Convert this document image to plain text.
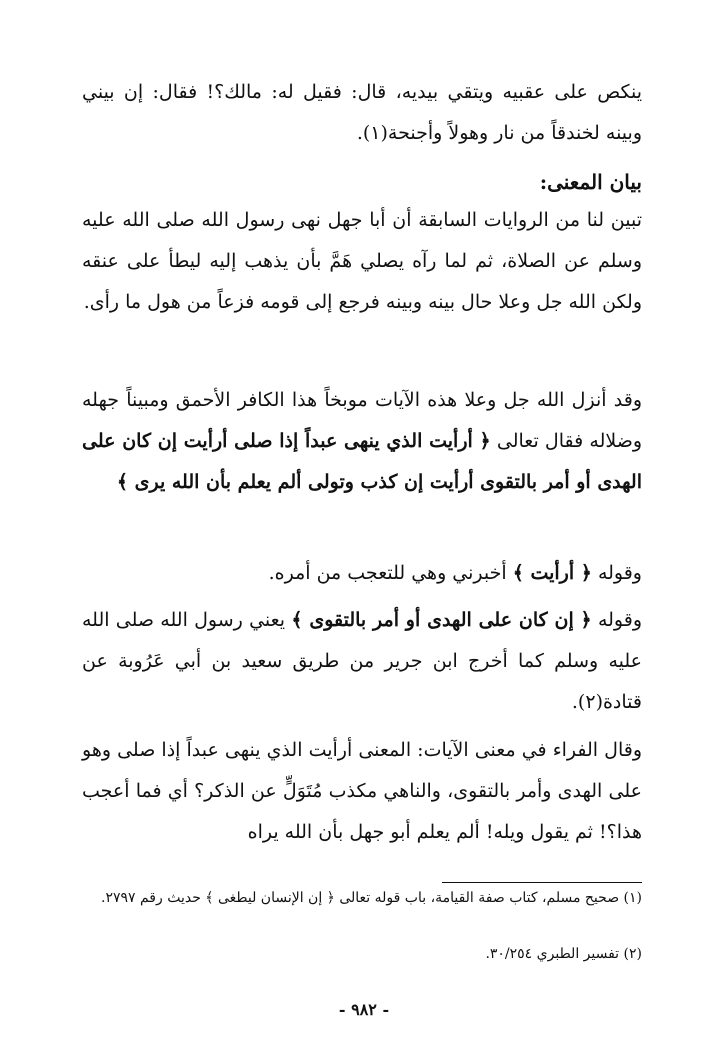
ينكص على عقبيه ويتقي بيديه، قال: فقيل له: مالك؟! فقال: إن بيني وبينه لخندقاً من نار وهولاً وأجنحة(١).

بيان المعنى:

تبين لنا من الروايات السابقة أن أبا جهل نهى رسول الله صلى الله عليه وسلم عن الصلاة، ثم لما رآه يصلي هَمَّ بأن يذهب إليه ليطأ على عنقه ولكن الله جل وعلا حال بينه وبينه فرجع إلى قومه فزعاً من هول ما رأى.

وقد أنزل الله جل وعلا هذه الآيات موبخاً هذا الكافر الأحمق ومبيناً جهله وضلاله فقال تعالى ﴿ أرأيت الذي ينهى عبداً إذا صلى أرأيت إن كان على الهدى أو أمر بالتقوى أرأيت إن كذب وتولى ألم يعلم بأن الله يرى ﴾

وقوله ﴿ أرأيت ﴾ أخبرني وهي للتعجب من أمره.

وقوله ﴿ إن كان على الهدى أو أمر بالتقوى ﴾ يعني رسول الله صلى الله عليه وسلم كما أخرج ابن جرير من طريق سعيد بن أبي عَرُوبة عن قتادة(٢).

وقال الفراء في معنى الآيات: المعنى أرأيت الذي ينهى عبداً إذا صلى وهو على الهدى وأمر بالتقوى، والناهي مكذب مُتَوَلٍّ عن الذكر؟ أي فما أعجب هذا؟! ثم يقول ويله! ألم يعلم أبو جهل بأن الله يراه

(١) صحيح مسلم، كتاب صفة القيامة، باب قوله تعالى ﴿ إن الإنسان ليطغى ﴾ حديث رقم ٢٧٩٧.

(٢) تفسير الطبري ٣٠/٢٥٤.

- ٩٨٢ -
